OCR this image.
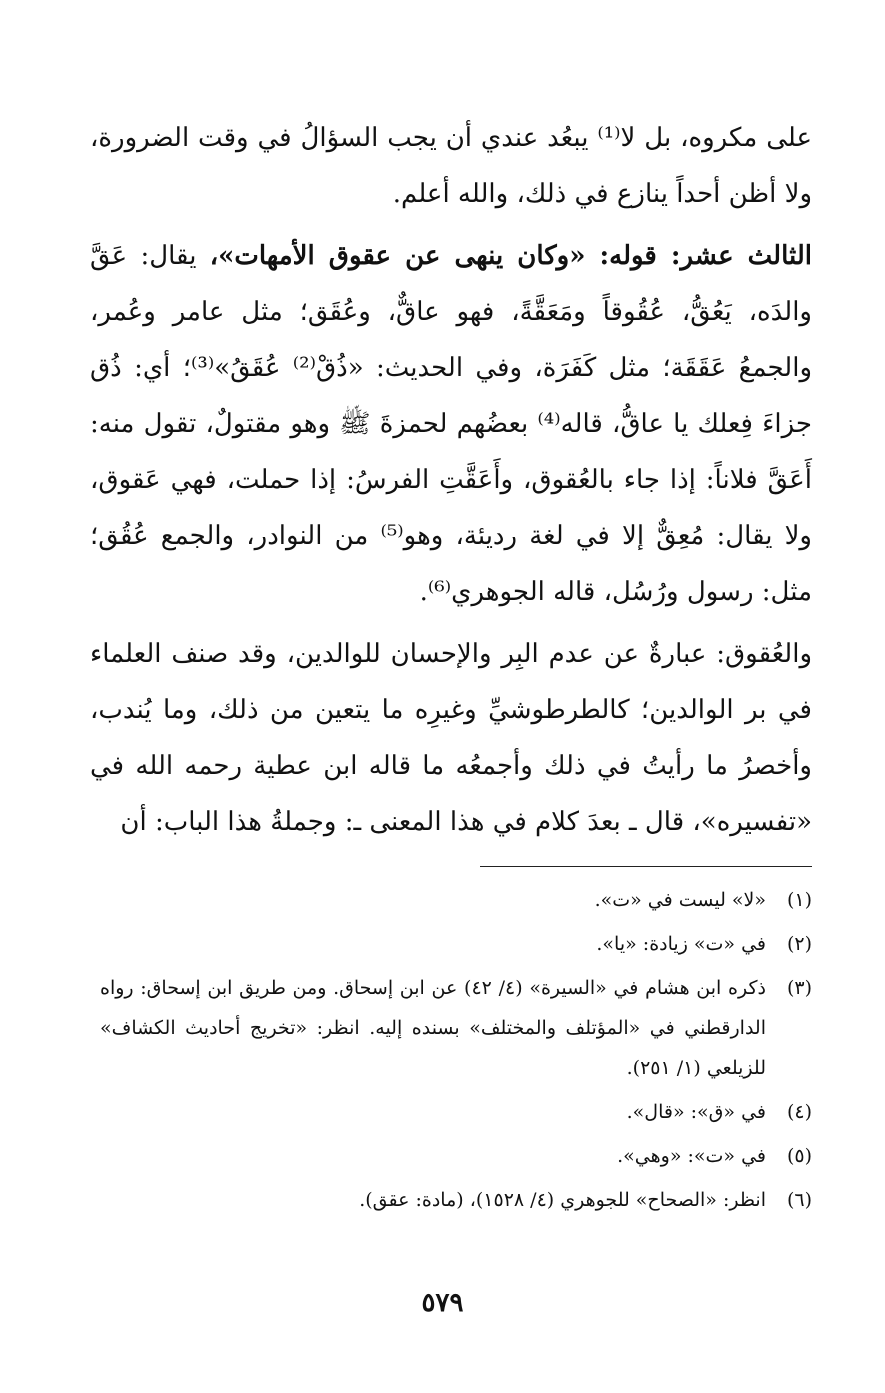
على مكروه، بل لا⁽¹⁾ يبعُد عندي أن يجب السؤالُ في وقت الضرورة، ولا أظن أحداً ينازع في ذلك، والله أعلم.

الثالث عشر: قوله: «وكان ينهى عن عقوق الأمهات»، يقال: عَقَّ والدَه، يَعُقُّ، عُقُوقاً ومَعَقَّةً، فهو عاقٌّ، وعُقَق؛ مثل عامر وعُمر، والجمعُ عَقَقَة؛ مثل كَفَرَة، وفي الحديث: «ذُقْ⁽²⁾ عُقَقُ»⁽³⁾؛ أي: ذُق جزاءَ فِعلك يا عاقُّ، قاله⁽⁴⁾ بعضُهم لحمزةَ ﷺ وهو مقتولٌ، تقول منه: أَعَقَّ فلاناً: إذا جاء بالعُقوق، وأَعَقَّتِ الفرسُ: إذا حملت، فهي عَقوق، ولا يقال: مُعِقٌّ إلا في لغة رديئة، وهو⁽⁵⁾ من النوادر، والجمع عُقُق؛ مثل: رسول ورُسُل، قاله الجوهري⁽⁶⁾.

والعُقوق: عبارةٌ عن عدم البِر والإحسان للوالدين، وقد صنف العلماء في بر الوالدين؛ كالطرطوشيِّ وغيرِه ما يتعين من ذلك، وما يُندب، وأخصرُ ما رأيتُ في ذلك وأجمعُه ما قاله ابن عطية رحمه الله في «تفسيره»، قال ـ بعدَ كلام في هذا المعنى ـ: وجملةُ هذا الباب: أن

(١)
«لا» ليست في «ت».
(٢)
في «ت» زيادة: «يا».
(٣)
ذكره ابن هشام في «السيرة» (٤/ ٤٢) عن ابن إسحاق. ومن طريق ابن إسحاق: رواه الدارقطني في «المؤتلف والمختلف» بسنده إليه. انظر: «تخريج أحاديث الكشاف» للزيلعي (١/ ٢٥١).
(٤)
في «ق»: «قال».
(٥)
في «ت»: «وهي».
(٦)
انظر: «الصحاح» للجوهري (٤/ ١٥٢٨)، (مادة: عقق).
٥٧٩
